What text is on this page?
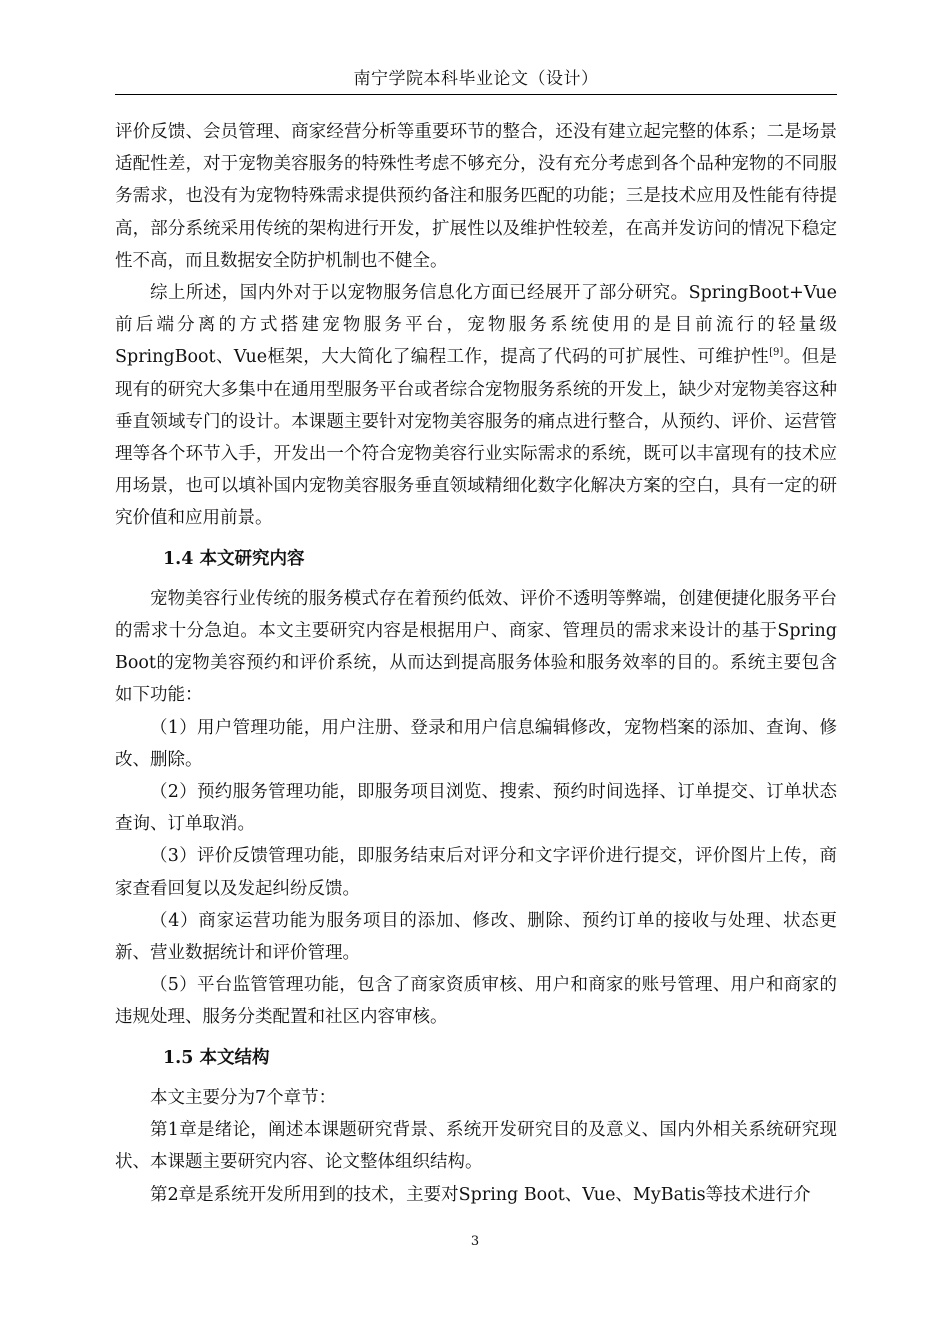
南宁学院本科毕业论文（设计）

评价反馈、会员管理、商家经营分析等重要环节的整合，还没有建立起完整的体系；二是场景适配性差，对于宠物美容服务的特殊性考虑不够充分，没有充分考虑到各个品种宠物的不同服务需求，也没有为宠物特殊需求提供预约备注和服务匹配的功能；三是技术应用及性能有待提高，部分系统采用传统的架构进行开发，扩展性以及维护性较差，在高并发访问的情况下稳定性不高，而且数据安全防护机制也不健全。

综上所述，国内外对于以宠物服务信息化方面已经展开了部分研究。SpringBoot+Vue前后端分离的方式搭建宠物服务平台，宠物服务系统使用的是目前流行的轻量级SpringBoot、Vue框架，大大简化了编程工作，提高了代码的可扩展性、可维护性[9]。但是现有的研究大多集中在通用型服务平台或者综合宠物服务系统的开发上，缺少对宠物美容这种垂直领域专门的设计。本课题主要针对宠物美容服务的痛点进行整合，从预约、评价、运营管理等各个环节入手，开发出一个符合宠物美容行业实际需求的系统，既可以丰富现有的技术应用场景，也可以填补国内宠物美容服务垂直领域精细化数字化解决方案的空白，具有一定的研究价值和应用前景。

1.4 本文研究内容

宠物美容行业传统的服务模式存在着预约低效、评价不透明等弊端，创建便捷化服务平台的需求十分急迫。本文主要研究内容是根据用户、商家、管理员的需求来设计的基于Spring Boot的宠物美容预约和评价系统，从而达到提高服务体验和服务效率的目的。系统主要包含如下功能：

（1）用户管理功能，用户注册、登录和用户信息编辑修改，宠物档案的添加、查询、修改、删除。

（2）预约服务管理功能，即服务项目浏览、搜索、预约时间选择、订单提交、订单状态查询、订单取消。

（3）评价反馈管理功能，即服务结束后对评分和文字评价进行提交，评价图片上传，商家查看回复以及发起纠纷反馈。

（4）商家运营功能为服务项目的添加、修改、删除、预约订单的接收与处理、状态更新、营业数据统计和评价管理。

（5）平台监管管理功能，包含了商家资质审核、用户和商家的账号管理、用户和商家的违规处理、服务分类配置和社区内容审核。

1.5 本文结构

本文主要分为7个章节：

第1章是绪论，阐述本课题研究背景、系统开发研究目的及意义、国内外相关系统研究现状、本课题主要研究内容、论文整体组织结构。

第2章是系统开发所用到的技术，主要对Spring Boot、Vue、MyBatis等技术进行介

3
